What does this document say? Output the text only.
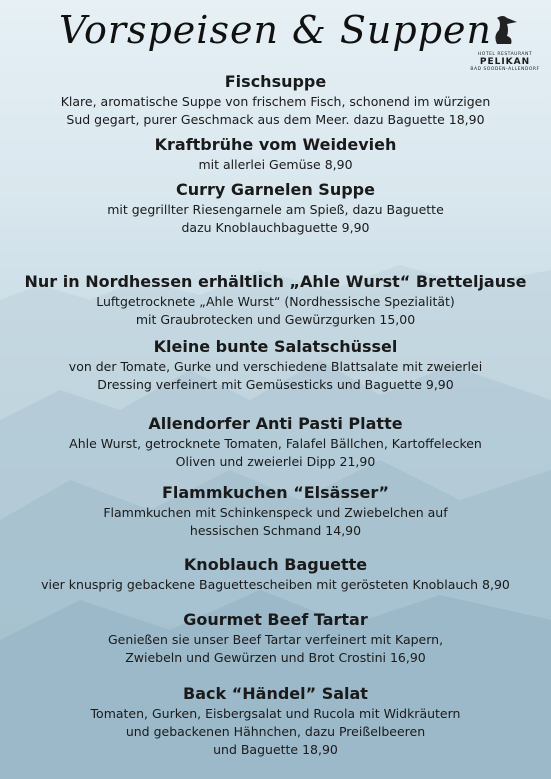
Vorspeisen & Suppen
HOTEL RESTAURANT
PELIKAN
BAD SOODEN-ALLENDORF
Fischsuppe

Klare, aromatische Suppe von frischem Fisch, schonend im würzigen
Sud gegart, purer Geschmack aus dem Meer. dazu Baguette 18,90

Kraftbrühe vom Weidevieh

mit allerlei Gemüse 8,90

Curry Garnelen Suppe

mit gegrillter Riesengarnele am Spieß, dazu Baguette
dazu Knoblauchbaguette 9,90

Nur in Nordhessen erhältlich „Ahle Wurst“ Bretteljause

Luftgetrocknete „Ahle Wurst“ (Nordhessische Spezialität)
mit Graubrotecken und Gewürzgurken 15,00

Kleine bunte Salatschüssel

von der Tomate, Gurke und verschiedene Blattsalate mit zweierlei
Dressing verfeinert mit Gemüsesticks und Baguette 9,90

Allendorfer Anti Pasti Platte

Ahle Wurst, getrocknete Tomaten, Falafel Bällchen, Kartoffelecken
Oliven und zweierlei Dipp 21,90

Flammkuchen “Elsässer”

Flammkuchen mit Schinkenspeck und Zwiebelchen auf
hessischen Schmand 14,90

Knoblauch Baguette

vier knusprig gebackene Baguettescheiben mit gerösteten Knoblauch 8,90

Gourmet Beef Tartar

Genießen sie unser Beef Tartar verfeinert mit Kapern,
Zwiebeln und Gewürzen und Brot Crostini 16,90

Back “Händel” Salat

Tomaten, Gurken, Eisbergsalat und Rucola mit Widkräutern
und gebackenen Hähnchen, dazu Preißelbeeren
und Baguette 18,90
